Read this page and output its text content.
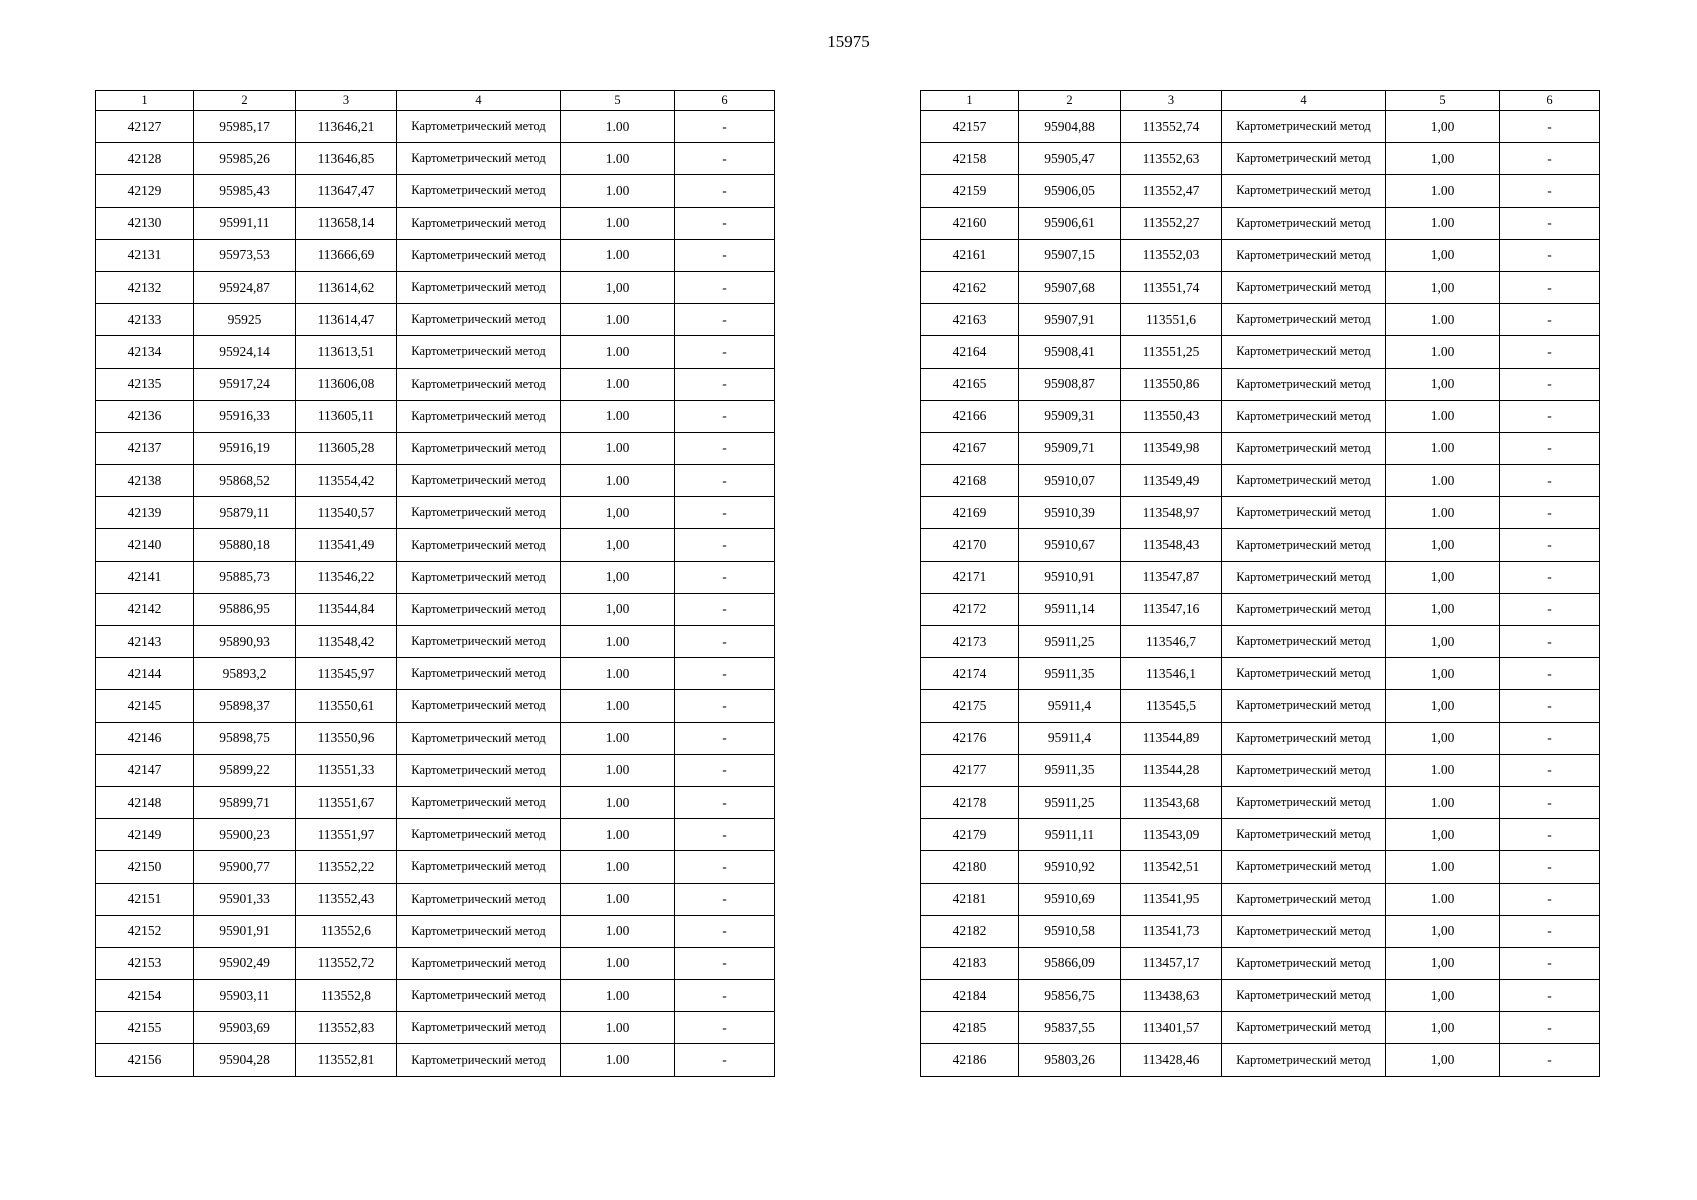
15975
1	2	3	4	5	6
42127	95985,17	113646,21	Картометрический метод	1.00	-
42128	95985,26	113646,85	Картометрический метод	1.00	-
42129	95985,43	113647,47	Картометрический метод	1.00	-
42130	95991,11	113658,14	Картометрический метод	1.00	-
42131	95973,53	113666,69	Картометрический метод	1.00	-
42132	95924,87	113614,62	Картометрический метод	1,00	-
42133	95925	113614,47	Картометрический метод	1.00	-
42134	95924,14	113613,51	Картометрический метод	1.00	-
42135	95917,24	113606,08	Картометрический метод	1.00	-
42136	95916,33	113605,11	Картометрический метод	1.00	-
42137	95916,19	113605,28	Картометрический метод	1.00	-
42138	95868,52	113554,42	Картометрический метод	1.00	-
42139	95879,11	113540,57	Картометрический метод	1,00	-
42140	95880,18	113541,49	Картометрический метод	1,00	-
42141	95885,73	113546,22	Картометрический метод	1,00	-
42142	95886,95	113544,84	Картометрический метод	1,00	-
42143	95890,93	113548,42	Картометрический метод	1.00	-
42144	95893,2	113545,97	Картометрический метод	1.00	-
42145	95898,37	113550,61	Картометрический метод	1.00	-
42146	95898,75	113550,96	Картометрический метод	1.00	-
42147	95899,22	113551,33	Картометрический метод	1.00	-
42148	95899,71	113551,67	Картометрический метод	1.00	-
42149	95900,23	113551,97	Картометрический метод	1.00	-
42150	95900,77	113552,22	Картометрический метод	1.00	-
42151	95901,33	113552,43	Картометрический метод	1.00	-
42152	95901,91	113552,6	Картометрический метод	1.00	-
42153	95902,49	113552,72	Картометрический метод	1.00	-
42154	95903,11	113552,8	Картометрический метод	1.00	-
42155	95903,69	113552,83	Картометрический метод	1.00	-
42156	95904,28	113552,81	Картометрический метод	1.00	-
1	2	3	4	5	6
42157	95904,88	113552,74	Картометрический метод	1,00	-
42158	95905,47	113552,63	Картометрический метод	1,00	-
42159	95906,05	113552,47	Картометрический метод	1.00	-
42160	95906,61	113552,27	Картометрический метод	1.00	-
42161	95907,15	113552,03	Картометрический метод	1,00	-
42162	95907,68	113551,74	Картометрический метод	1,00	-
42163	95907,91	113551,6	Картометрический метод	1.00	-
42164	95908,41	113551,25	Картометрический метод	1.00	-
42165	95908,87	113550,86	Картометрический метод	1,00	-
42166	95909,31	113550,43	Картометрический метод	1.00	-
42167	95909,71	113549,98	Картометрический метод	1.00	-
42168	95910,07	113549,49	Картометрический метод	1.00	-
42169	95910,39	113548,97	Картометрический метод	1.00	-
42170	95910,67	113548,43	Картометрический метод	1,00	-
42171	95910,91	113547,87	Картометрический метод	1,00	-
42172	95911,14	113547,16	Картометрический метод	1,00	-
42173	95911,25	113546,7	Картометрический метод	1,00	-
42174	95911,35	113546,1	Картометрический метод	1,00	-
42175	95911,4	113545,5	Картометрический метод	1,00	-
42176	95911,4	113544,89	Картометрический метод	1,00	-
42177	95911,35	113544,28	Картометрический метод	1.00	-
42178	95911,25	113543,68	Картометрический метод	1.00	-
42179	95911,11	113543,09	Картометрический метод	1,00	-
42180	95910,92	113542,51	Картометрический метод	1.00	-
42181	95910,69	113541,95	Картометрический метод	1.00	-
42182	95910,58	113541,73	Картометрический метод	1,00	-
42183	95866,09	113457,17	Картометрический метод	1,00	-
42184	95856,75	113438,63	Картометрический метод	1,00	-
42185	95837,55	113401,57	Картометрический метод	1,00	-
42186	95803,26	113428,46	Картометрический метод	1,00	-
